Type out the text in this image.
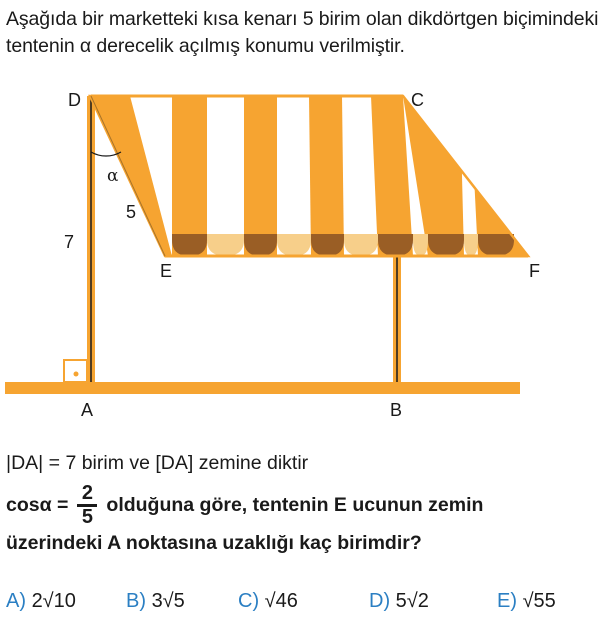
Aşağıda bir marketteki kısa kenarı 5 birim olan dikdörtgen biçimindeki tentenin α derecelik açılmış konumu verilmiştir.
D	C
E	F
A	B
α
5
7
|DA| = 7 birim ve [DA] zemine diktir
$\cos\alpha = \frac{2}{5}$ olduğuna göre, tentenin E ucunun zemin
üzerindeki A noktasına uzaklığı kaç birimdir?
A) 2√10	B) 3√5	C) √46	D) 5√2	E) √55
